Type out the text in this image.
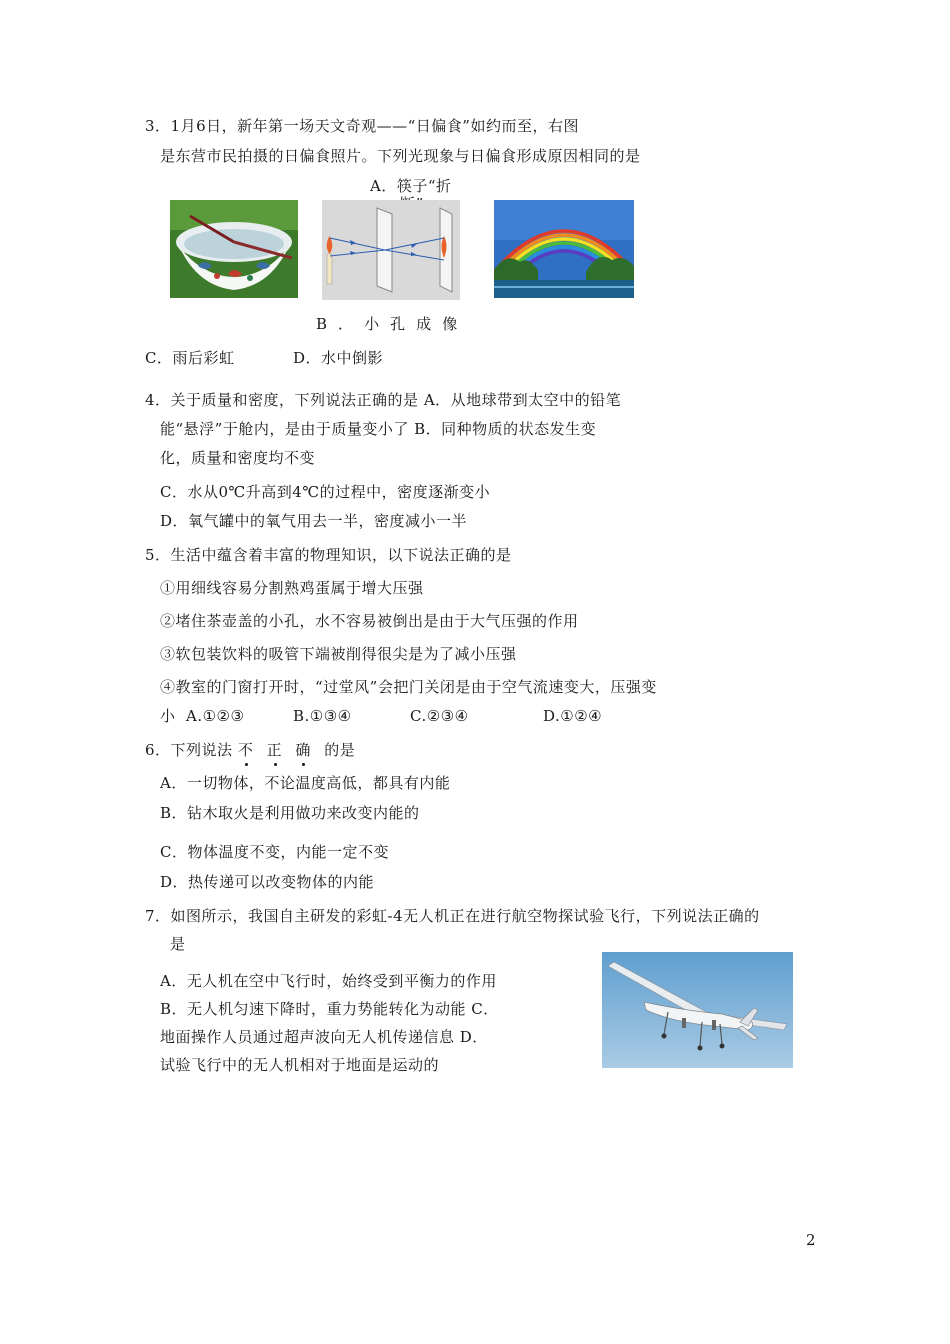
3．1月6日，新年第一场天文奇观——“日偏食”如约而至，右图
是东营市民拍摄的日偏食照片。下列光现象与日偏食形成原因相同的是
A．筷子“折
B  ．  小  孔  成  像
C．雨后彩虹	D．水中倒影
4．关于质量和密度，下列说法正确的是 A．从地球带到太空中的铅笔
能“悬浮”于舱内，是由于质量变小了 B．同种物质的状态发生变
化，质量和密度均不变
C．水从0℃升高到4℃的过程中，密度逐渐变小
D．氧气罐中的氧气用去一半，密度减小一半
5．生活中蕴含着丰富的物理知识，以下说法正确的是
①用细线容易分割熟鸡蛋属于增大压强
②堵住茶壶盖的小孔，水不容易被倒出是由于大气压强的作用
③软包装饮料的吸管下端被削得很尖是为了减小压强
④教室的门窗打开时，“过堂风”会把门关闭是由于空气流速变大，压强变
小 A.①②③	B.①③④	C.②③④	D.①②④
6．下列说法 不 正 确 的是
A．一切物体，不论温度高低，都具有内能
B．钻木取火是利用做功来改变内能的
C．物体温度不变，内能一定不变
D．热传递可以改变物体的内能
7．如图所示，我国自主研发的彩虹-4无人机正在进行航空物探试验飞行，下列说法正确的
是
A．无人机在空中飞行时，始终受到平衡力的作用
B．无人机匀速下降时，重力势能转化为动能 C．
地面操作人员通过超声波向无人机传递信息 D．
试验飞行中的无人机相对于地面是运动的
2
